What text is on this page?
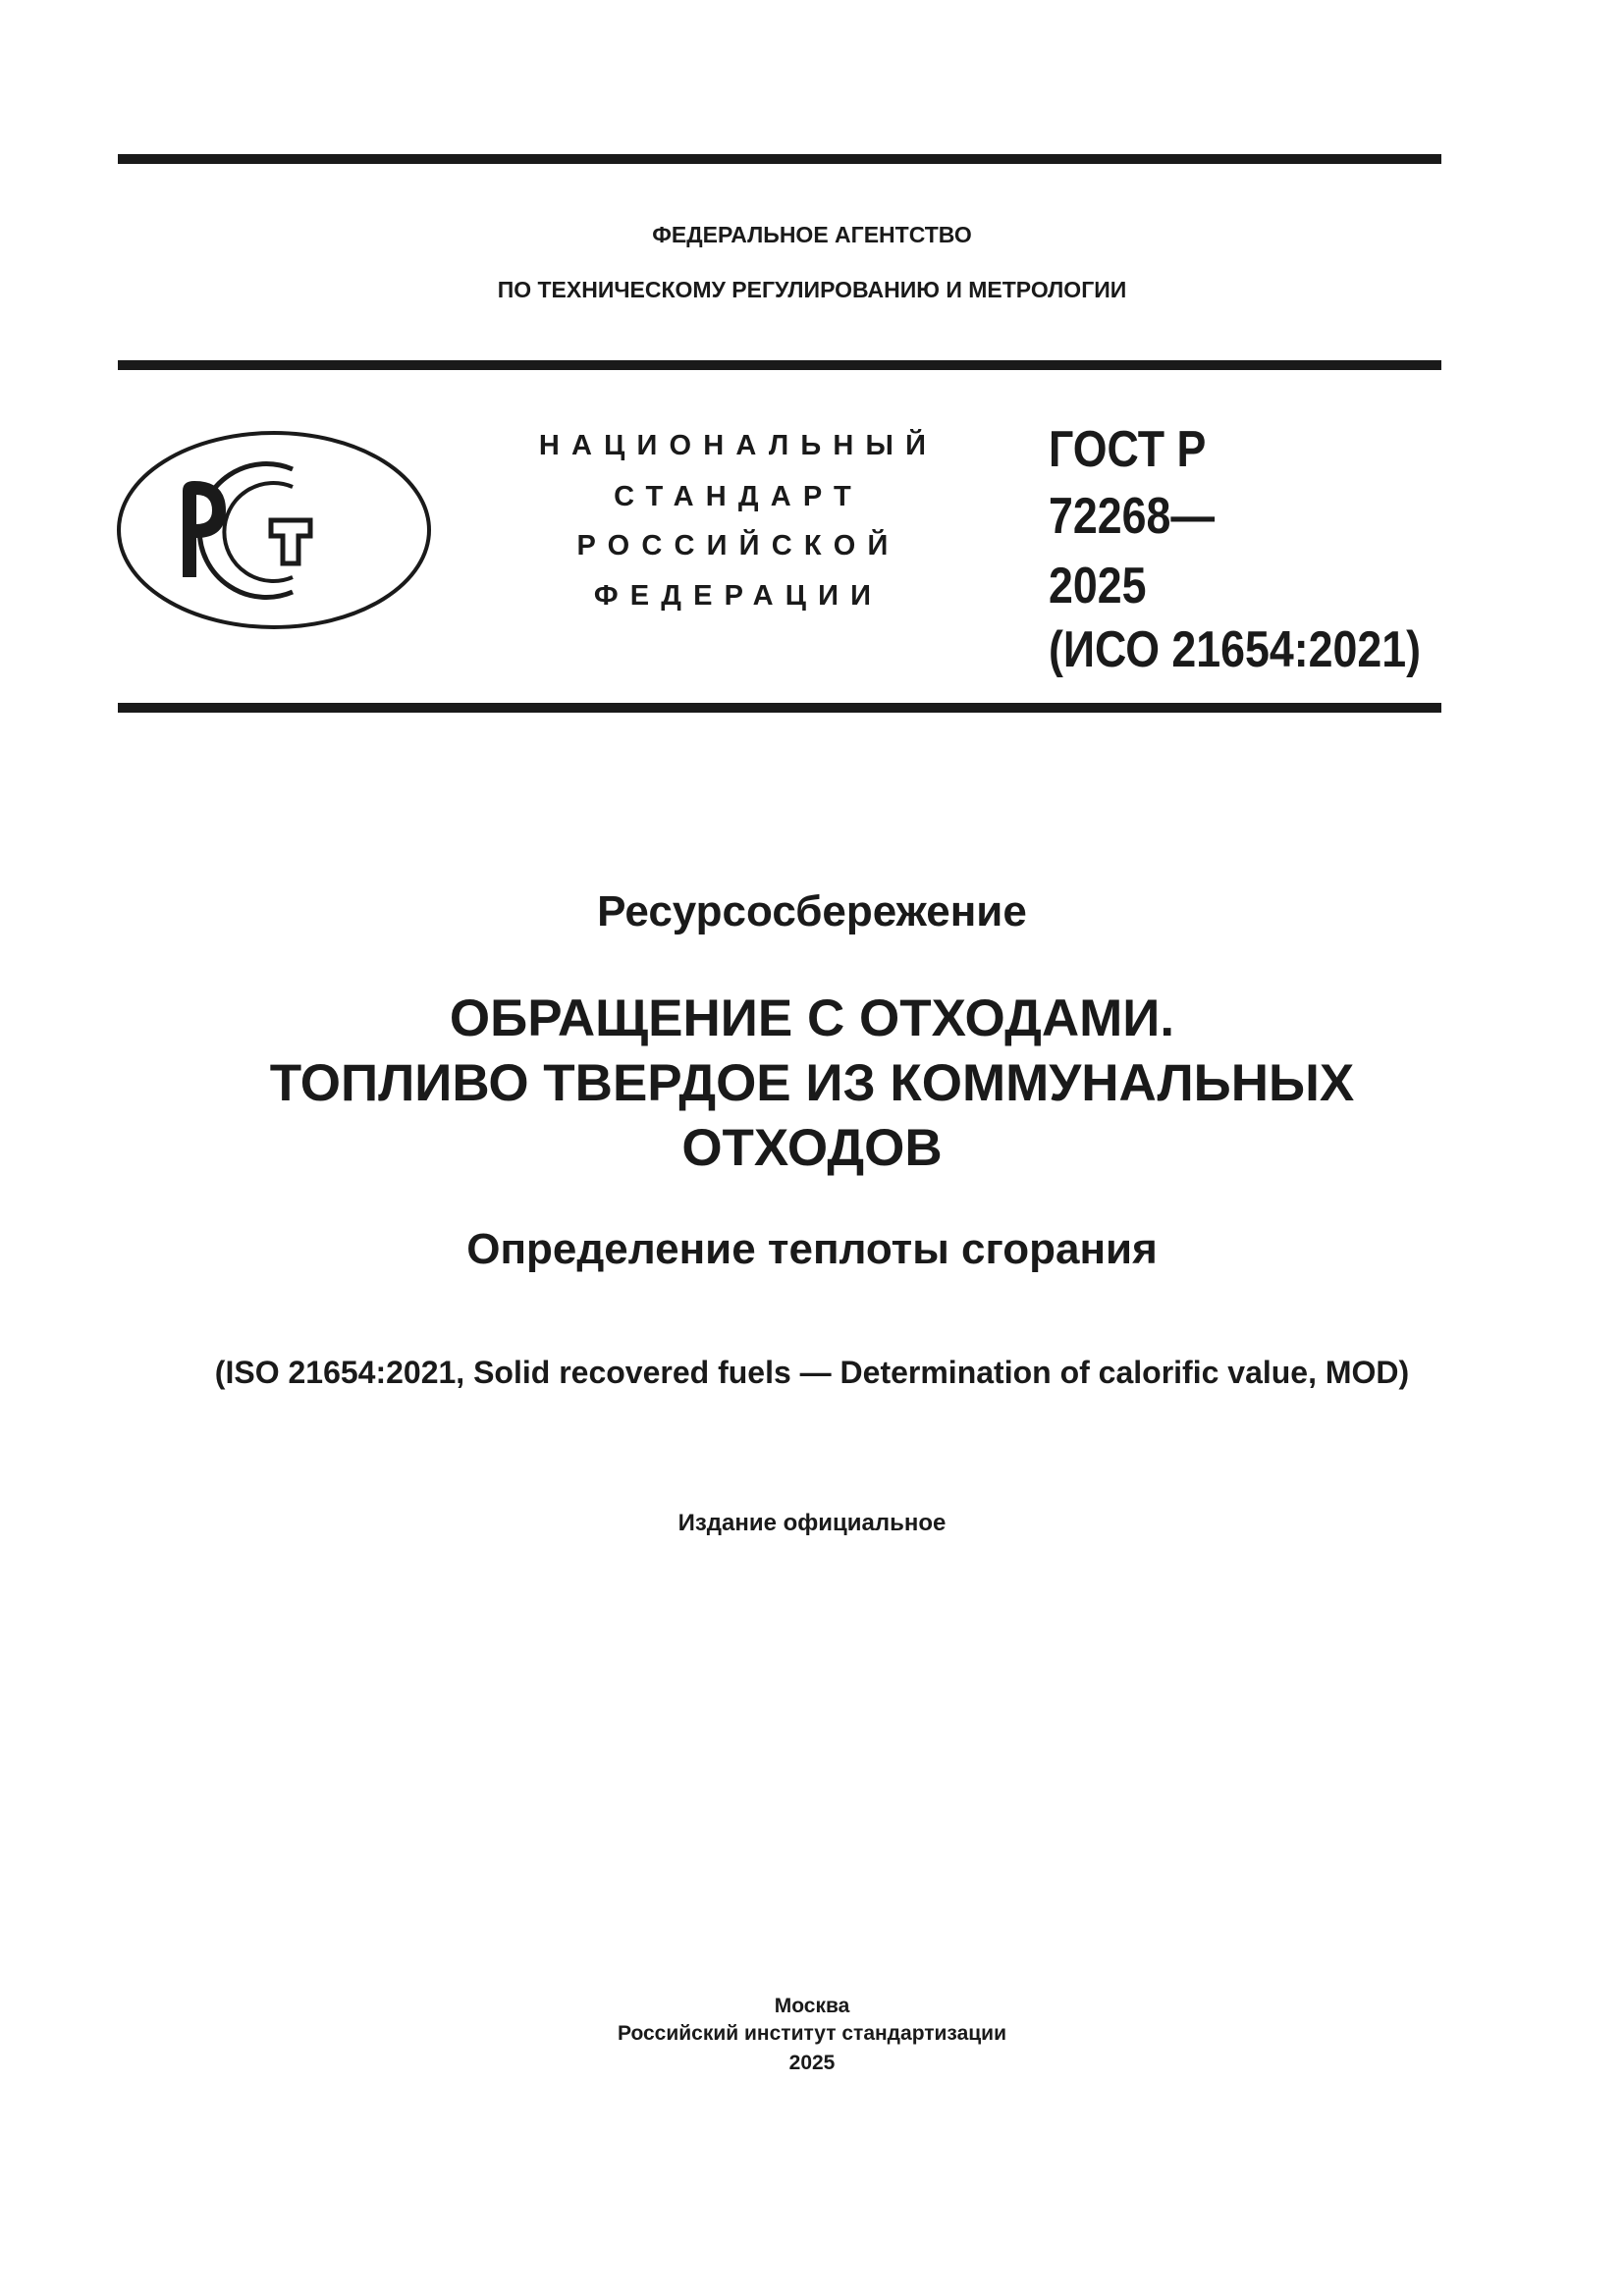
ФЕДЕРАЛЬНОЕ АГЕНТСТВО
ПО ТЕХНИЧЕСКОМУ РЕГУЛИРОВАНИЮ И МЕТРОЛОГИИ
НАЦИОНАЛЬНЫЙ
СТАНДАРТ
РОССИЙСКОЙ
ФЕДЕРАЦИИ
ГОСТ Р
72268—
2025
(ИСО 21654:2021)
Ресурсосбережение
ОБРАЩЕНИЕ С ОТХОДАМИ.
ТОПЛИВО ТВЕРДОЕ ИЗ КОММУНАЛЬНЫХ
ОТХОДОВ
Определение теплоты сгорания
(ISO 21654:2021, Solid recovered fuels — Determination of calorific value, MOD)
Издание официальное
Москва
Российский институт стандартизации
2025
